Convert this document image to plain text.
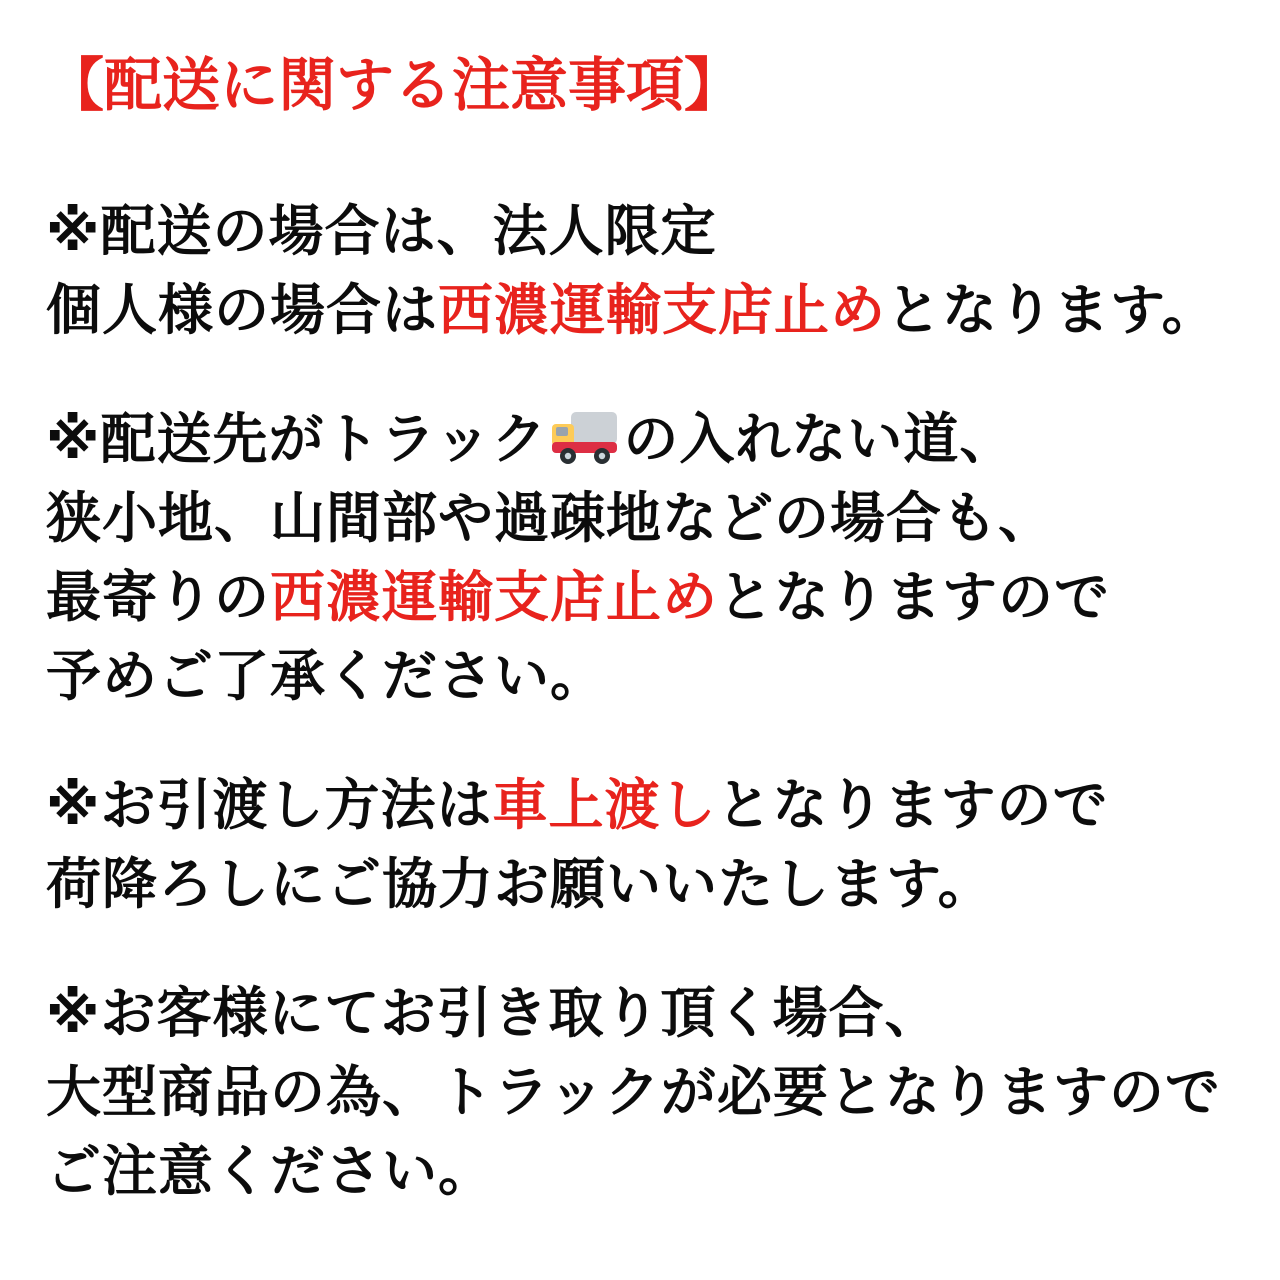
【配送に関する注意事項】
※配送の場合は、法人限定
個人様の場合は西濃運輸支店止めとなります。
※配送先がトラック の入れない道、
狭小地、山間部や過疎地などの場合も、
最寄りの西濃運輸支店止めとなりますので
予めご了承ください。
※お引渡し方法は車上渡しとなりますので
荷降ろしにご協力お願いいたします。
※お客様にてお引き取り頂く場合、
大型商品の為、トラックが必要となりますので
ご注意ください。
